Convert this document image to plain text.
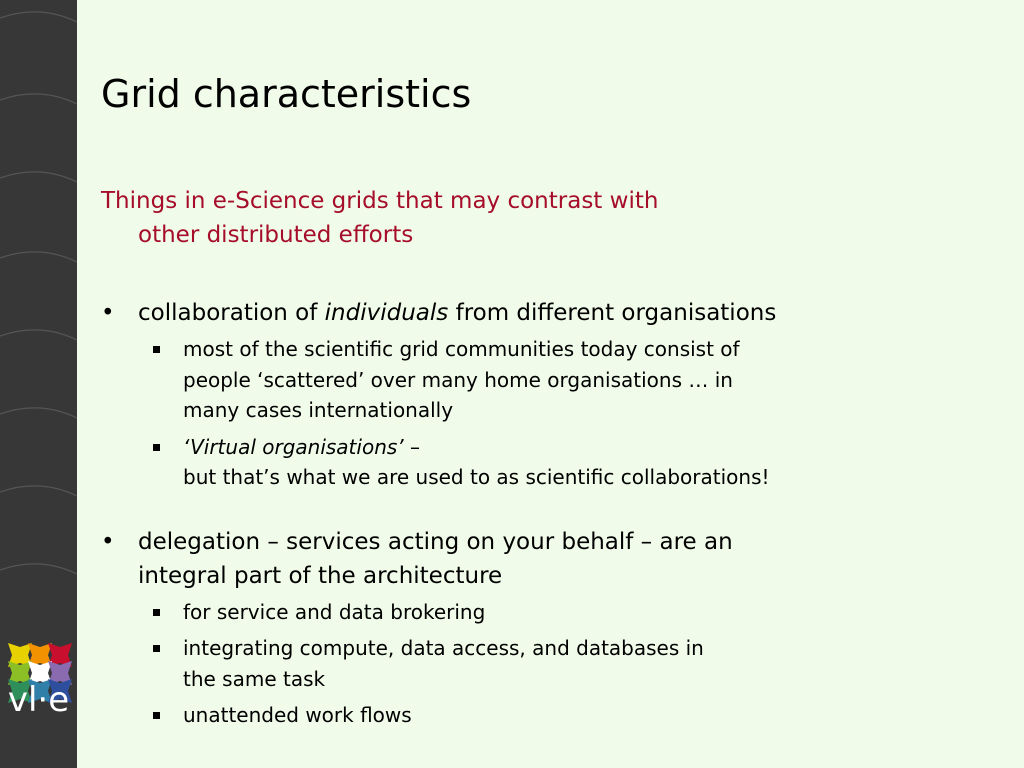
vl·e
Grid characteristics
Things in e-Science grids that may contrast with
other distributed efforts
• collaboration of individuals from different organisations
most of the scientific grid communities today consist of
people ‘scattered’ over many home organisations … in
many cases internationally
‘Virtual organisations’ –
but that’s what we are used to as scientific collaborations!
• delegation – services acting on your behalf – are an
integral part of the architecture
for service and data brokering
integrating compute, data access, and databases in
the same task
unattended work flows
